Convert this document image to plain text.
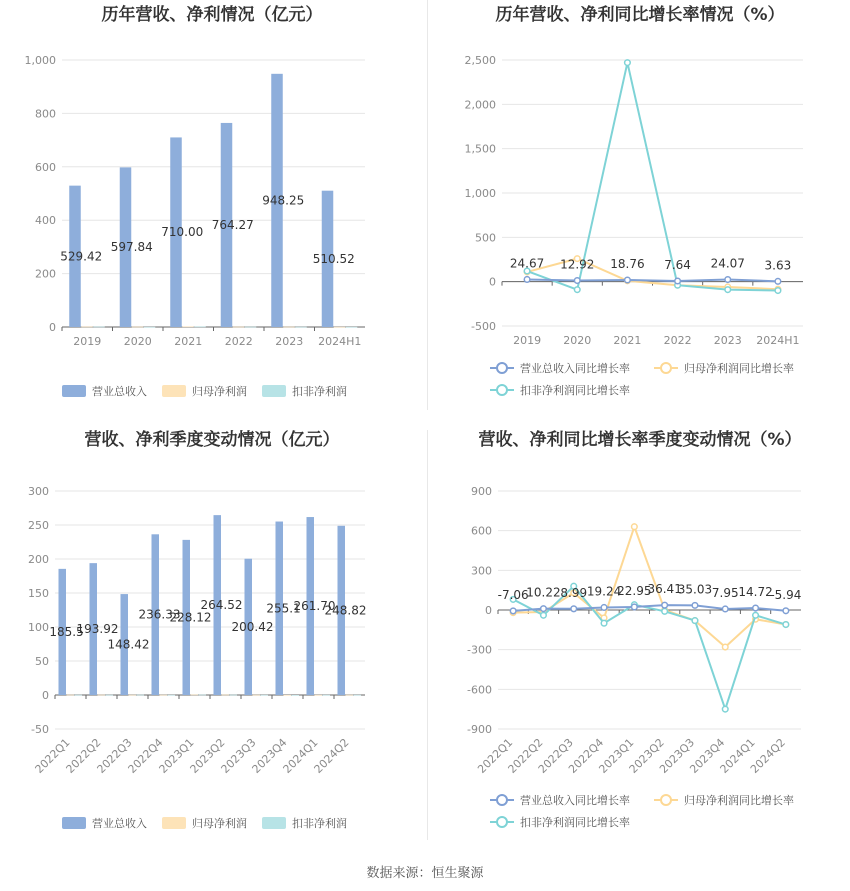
历年营收、净利情况（亿元）
0
200
400
600
800
1,000
2019 2020 2021 2022 2023 2024H1
529.42
597.84
710.00
764.27
948.25
510.52
营业总收入	归母净利润	扣非净利润
历年营收、净利同比增长率情况（%）
-500
0
500
1,000
1,500
2,000
2,500
2019 2020 2021 2022 2023 2024H1
24.67 12.92 18.76 7.64 24.07 3.63
营业总收入同比增长率	归母净利润同比增长率
扣非净利润同比增长率
营收、净利季度变动情况（亿元）
-50
0
50
100
150
200
250
300
2022Q1
2022Q2
2022Q3
2022Q4
2023Q1
2023Q2
2023Q3
2023Q4
2024Q1
2024Q2
185.5
193.92
148.42
236.33
228.12
264.52
200.42
255.1
261.70
248.82
营业总收入	归母净利润	扣非净利润
营收、净利同比增长率季度变动情况（%）
-900
-600
-300
0
300
600
900
2022Q1
2022Q2
2022Q3
2022Q4
2023Q1
2023Q2
2023Q3
2023Q4
2024Q1
2024Q2
-7.06
10.22 8.99 19.24
22.95
36.41
35.03 7.95 14.72
-5.94
营业总收入同比增长率	归母净利润同比增长率
扣非净利润同比增长率
数据来源：恒生聚源
